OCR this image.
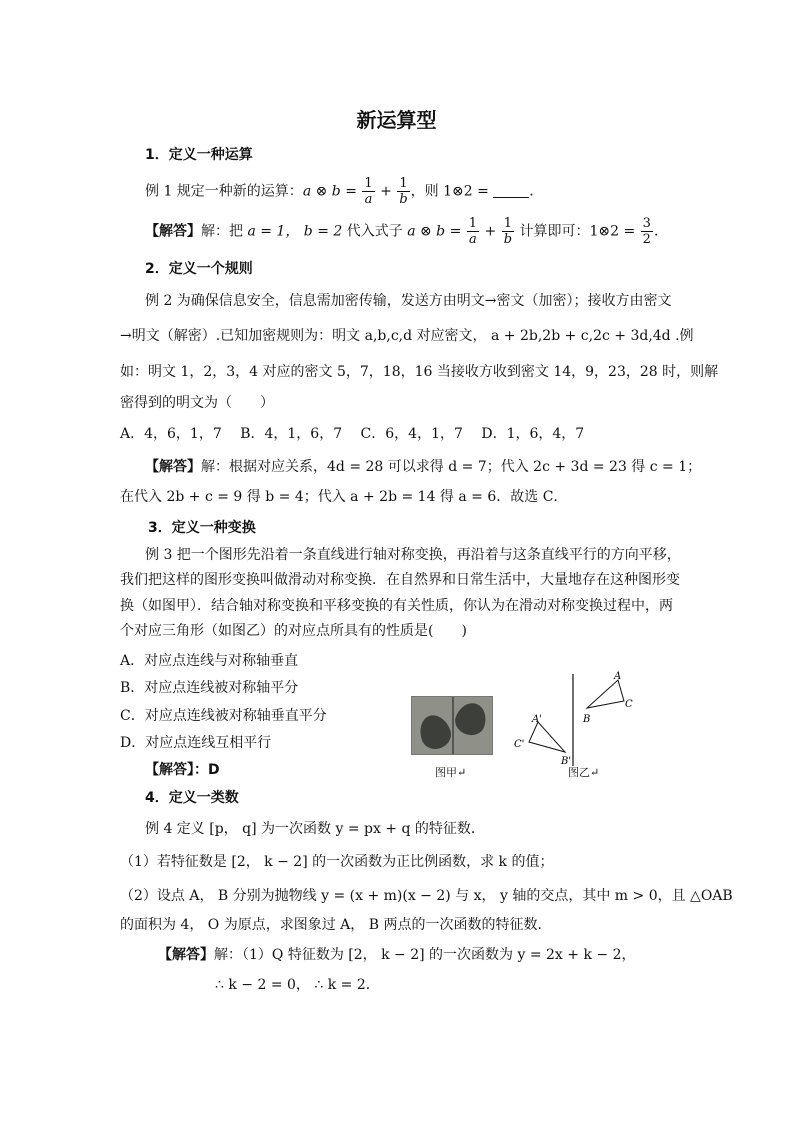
新运算型
1．定义一种运算
例 1 规定一种新的运算：a ⊗ $b = \frac{1}{a} + \frac{1}{b}$ ，则 1⊗2 =	．
【解答】解：把 a = 1， b = 2 代入式子 a ⊗ $b = \frac{1}{a} + \frac{1}{b}$ 计算即可：1⊗2 = $\frac{3}{2}$ ．
2．定义一个规则
例 2 为确保信息安全，信息需加密传输，发送方由明文→密文（加密）；接收方由密文
→明文（解密）.已知加密规则为：明文 a,b,c,d 对应密文， a + 2b,2b + c,2c + 3d,4d .例
如：明文 1，2，3，4 对应的密文 5，7，18，16 当接收方收到密文 14，9，23，28 时，则解
密得到的明文为（　　）
A．4，6，1，7　 B．4，1，6，7　 C．6，4，1，7　 D．1，6，4，7
【解答】解：根据对应关系，4d = 28 可以求得 d = 7；代入 2c + 3d = 23 得 c = 1；
在代入 2b + c = 9 得 b = 4；代入 a + 2b = 14 得 a = 6．故选 C．
3．定义一种变换
例 3 把一个图形先沿着一条直线进行轴对称变换，再沿着与这条直线平行的方向平移，
我们把这样的图形变换叫做滑动对称变换．在自然界和日常生活中，大量地存在这种图形变
换（如图甲）．结合轴对称变换和平移变换的有关性质，你认为在滑动对称变换过程中，两
个对应三角形（如图乙）的对应点所具有的性质是(　　)
A．对应点连线与对称轴垂直
B．对应点连线被对称轴平分
C．对应点连线被对称轴垂直平分
D．对应点连线互相平行
【解答】：D	图甲↵
A
B
C
A'
B'
C'
图乙↵
4．定义一类数
例 4 定义 [p， q] 为一次函数 y = px + q 的特征数．
（1）若特征数是 [2， k − 2] 的一次函数为正比例函数，求 k 的值；
（2）设点 A， B 分别为抛物线 y = (x + m)(x − 2) 与 x， y 轴的交点，其中 m > 0，且 △OAB
的面积为 4， O 为原点，求图象过 A， B 两点的一次函数的特征数．
【解答】解：（1）Q 特征数为 [2， k − 2] 的一次函数为 y = 2x + k − 2，
∴ k − 2 = 0， ∴ k = 2．
